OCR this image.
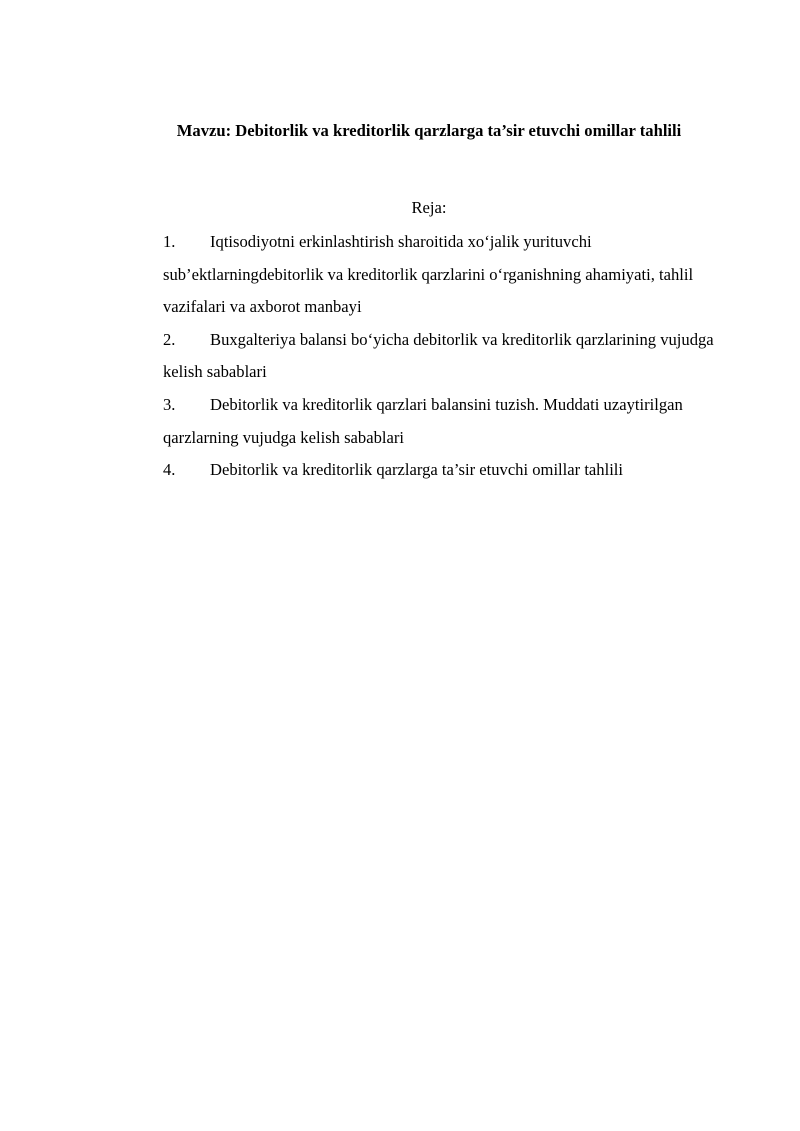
Mavzu: Debitorlik va kreditorlik qarzlarga ta’sir etuvchi omillar tahlili
Reja:
1. Iqtisodiyotni erkinlashtirish sharoitida xo‘jalik yurituvchi sub’ektlarningdebitorlik va kreditorlik qarzlarini o‘rganishning ahamiyati, tahlil vazifalari va axborot manbayi
2. Buxgalteriya balansi bo‘yicha debitorlik va kreditorlik qarzlarining vujudga  kelish sabablari
3. Debitorlik va kreditorlik qarzlari balansini tuzish. Muddati uzaytirilgan  qarzlarning vujudga kelish sabablari
4. Debitorlik va kreditorlik qarzlarga ta’sir etuvchi omillar tahlili
